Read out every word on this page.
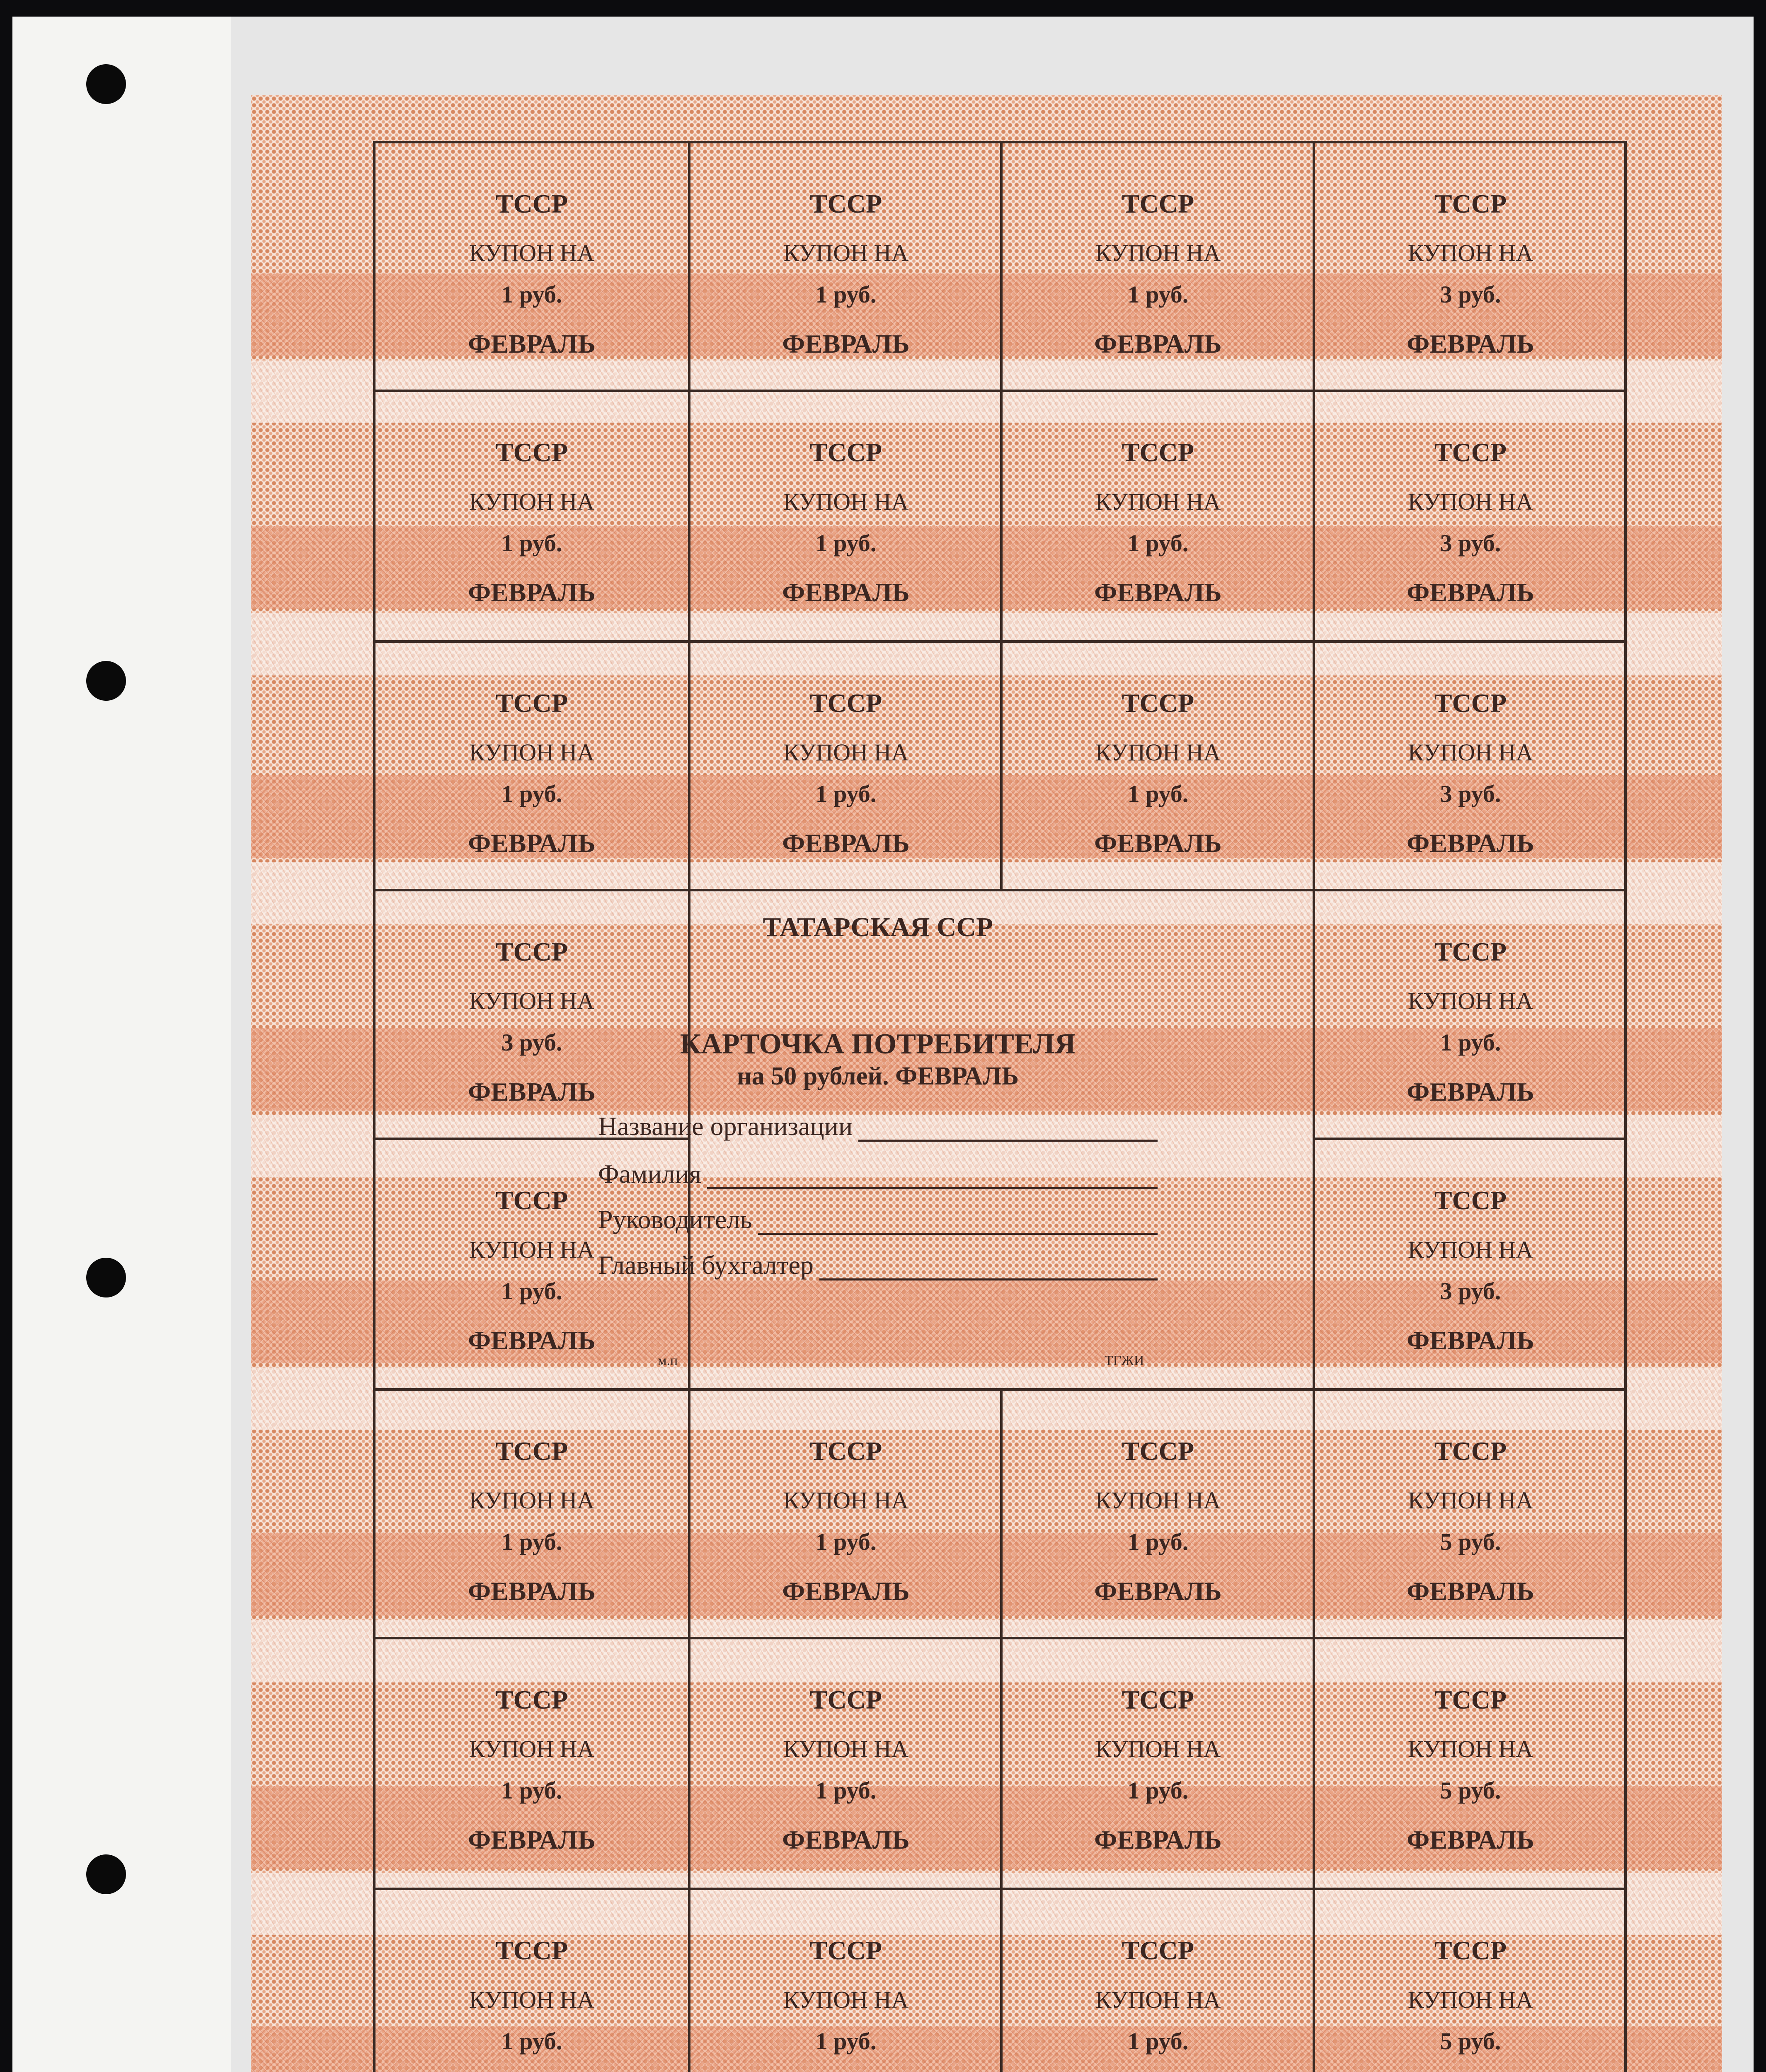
ТССР
КУПОН НА
1 руб.
ФЕВРАЛЬ
ТССР
КУПОН НА
1 руб.
ФЕВРАЛЬ
ТССР
КУПОН НА
1 руб.
ФЕВРАЛЬ
ТССР
КУПОН НА
3 руб.
ФЕВРАЛЬ
ТССР
КУПОН НА
1 руб.
ФЕВРАЛЬ
ТССР
КУПОН НА
1 руб.
ФЕВРАЛЬ
ТССР
КУПОН НА
1 руб.
ФЕВРАЛЬ
ТССР
КУПОН НА
3 руб.
ФЕВРАЛЬ
ТССР
КУПОН НА
1 руб.
ФЕВРАЛЬ
ТССР
КУПОН НА
1 руб.
ФЕВРАЛЬ
ТССР
КУПОН НА
1 руб.
ФЕВРАЛЬ
ТССР
КУПОН НА
3 руб.
ФЕВРАЛЬ
ТССР
КУПОН НА
3 руб.
ФЕВРАЛЬ
ТССР
КУПОН НА
1 руб.
ФЕВРАЛЬ
ТССР
КУПОН НА
1 руб.
ФЕВРАЛЬ
ТССР
КУПОН НА
3 руб.
ФЕВРАЛЬ
ТССР
КУПОН НА
1 руб.
ФЕВРАЛЬ
ТССР
КУПОН НА
1 руб.
ФЕВРАЛЬ
ТССР
КУПОН НА
1 руб.
ФЕВРАЛЬ
ТССР
КУПОН НА
5 руб.
ФЕВРАЛЬ
ТССР
КУПОН НА
1 руб.
ФЕВРАЛЬ
ТССР
КУПОН НА
1 руб.
ФЕВРАЛЬ
ТССР
КУПОН НА
1 руб.
ФЕВРАЛЬ
ТССР
КУПОН НА
5 руб.
ФЕВРАЛЬ
ТССР
КУПОН НА
1 руб.
ТССР
КУПОН НА
1 руб.
ТССР
КУПОН НА
1 руб.
ТССР
КУПОН НА
5 руб.
ТАТАРСКАЯ ССР
КАРТОЧКА ПОТРЕБИТЕЛЯ
на 50 рублей. ФЕВРАЛЬ
Название организации
Фамилия
Руководитель
Главный бухгалтер
м.п	ТГЖИ
